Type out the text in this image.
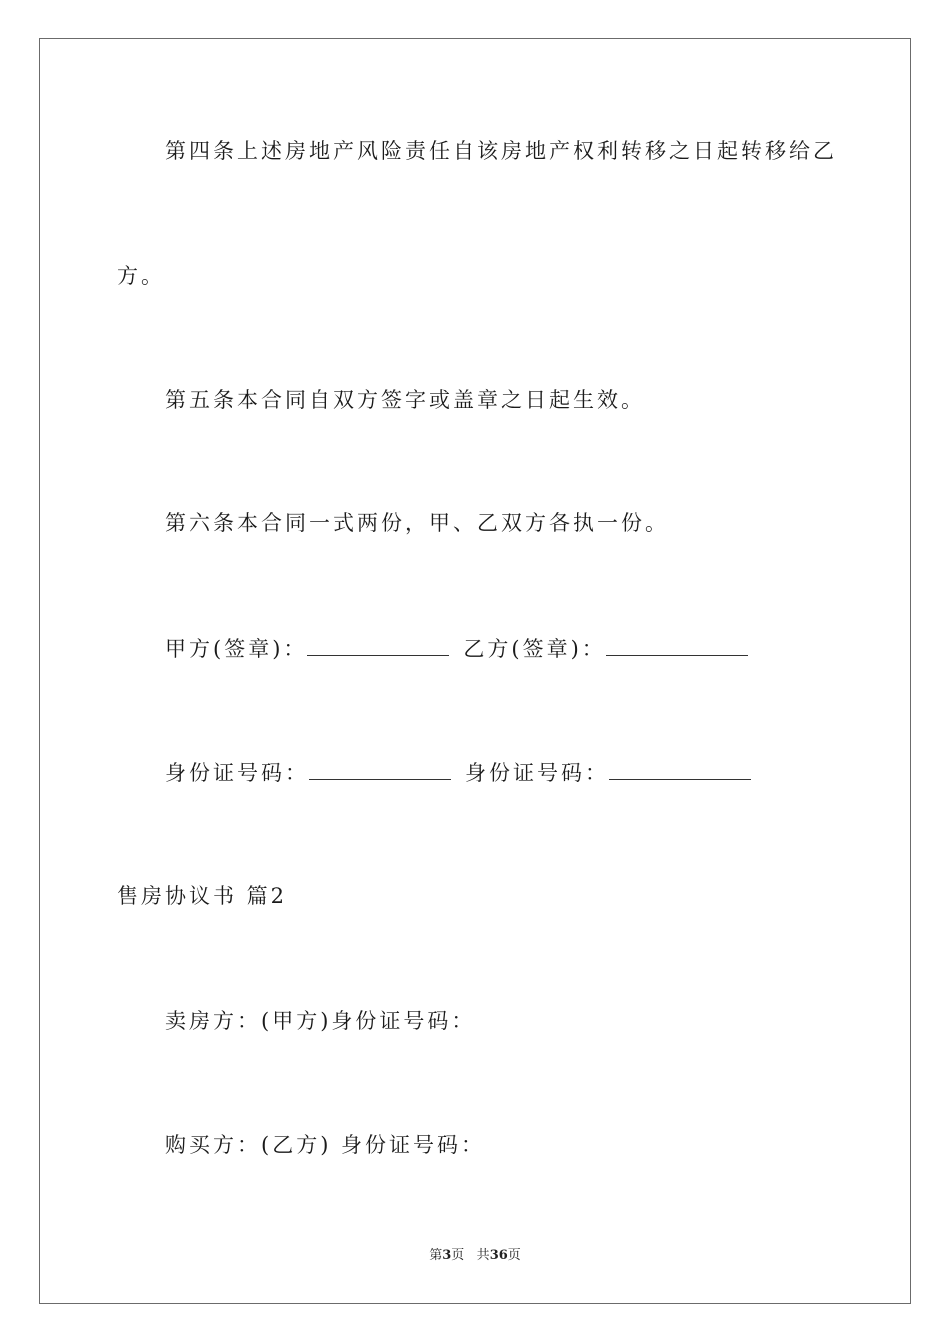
第四条上述房地产风险责任自该房地产权利转移之日起转移给乙
方。
第五条本合同自双方签字或盖章之日起生效。
第六条本合同一式两份，甲、乙双方各执一份。
甲方(签章)：	乙方(签章)：
身份证号码：	身份证号码：
售房协议书 篇2
卖房方：(甲方)身份证号码：
购买方：(乙方) 身份证号码：
第3页 共36页
